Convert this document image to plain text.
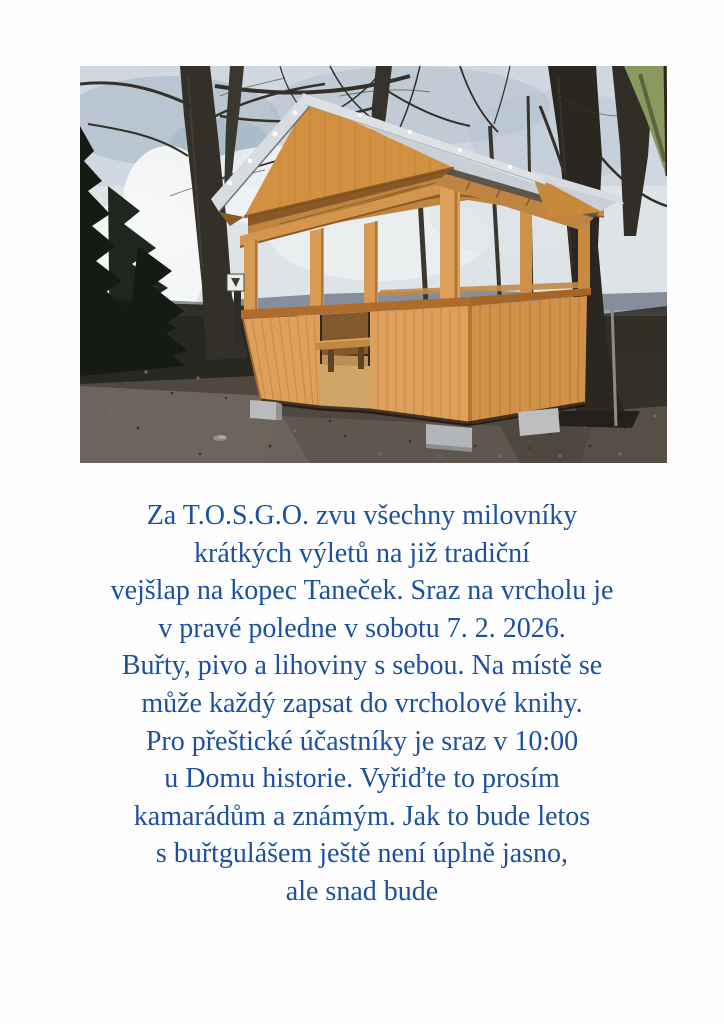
Za T.O.S.G.O. zvu všechny milovníky
krátkých výletů na již tradiční
vejšlap na kopec Taneček. Sraz na vrcholu je
v pravé poledne v sobotu 7. 2. 2026.
Buřty, pivo a lihoviny s sebou. Na místě se
může každý zapsat do vrcholové knihy.
Pro přeštické účastníky je sraz v 10:00
u Domu historie. Vyřiďte to prosím
kamarádům a známým. Jak to bude letos
s buřtgulášem ještě není úplně jasno,
ale snad bude
